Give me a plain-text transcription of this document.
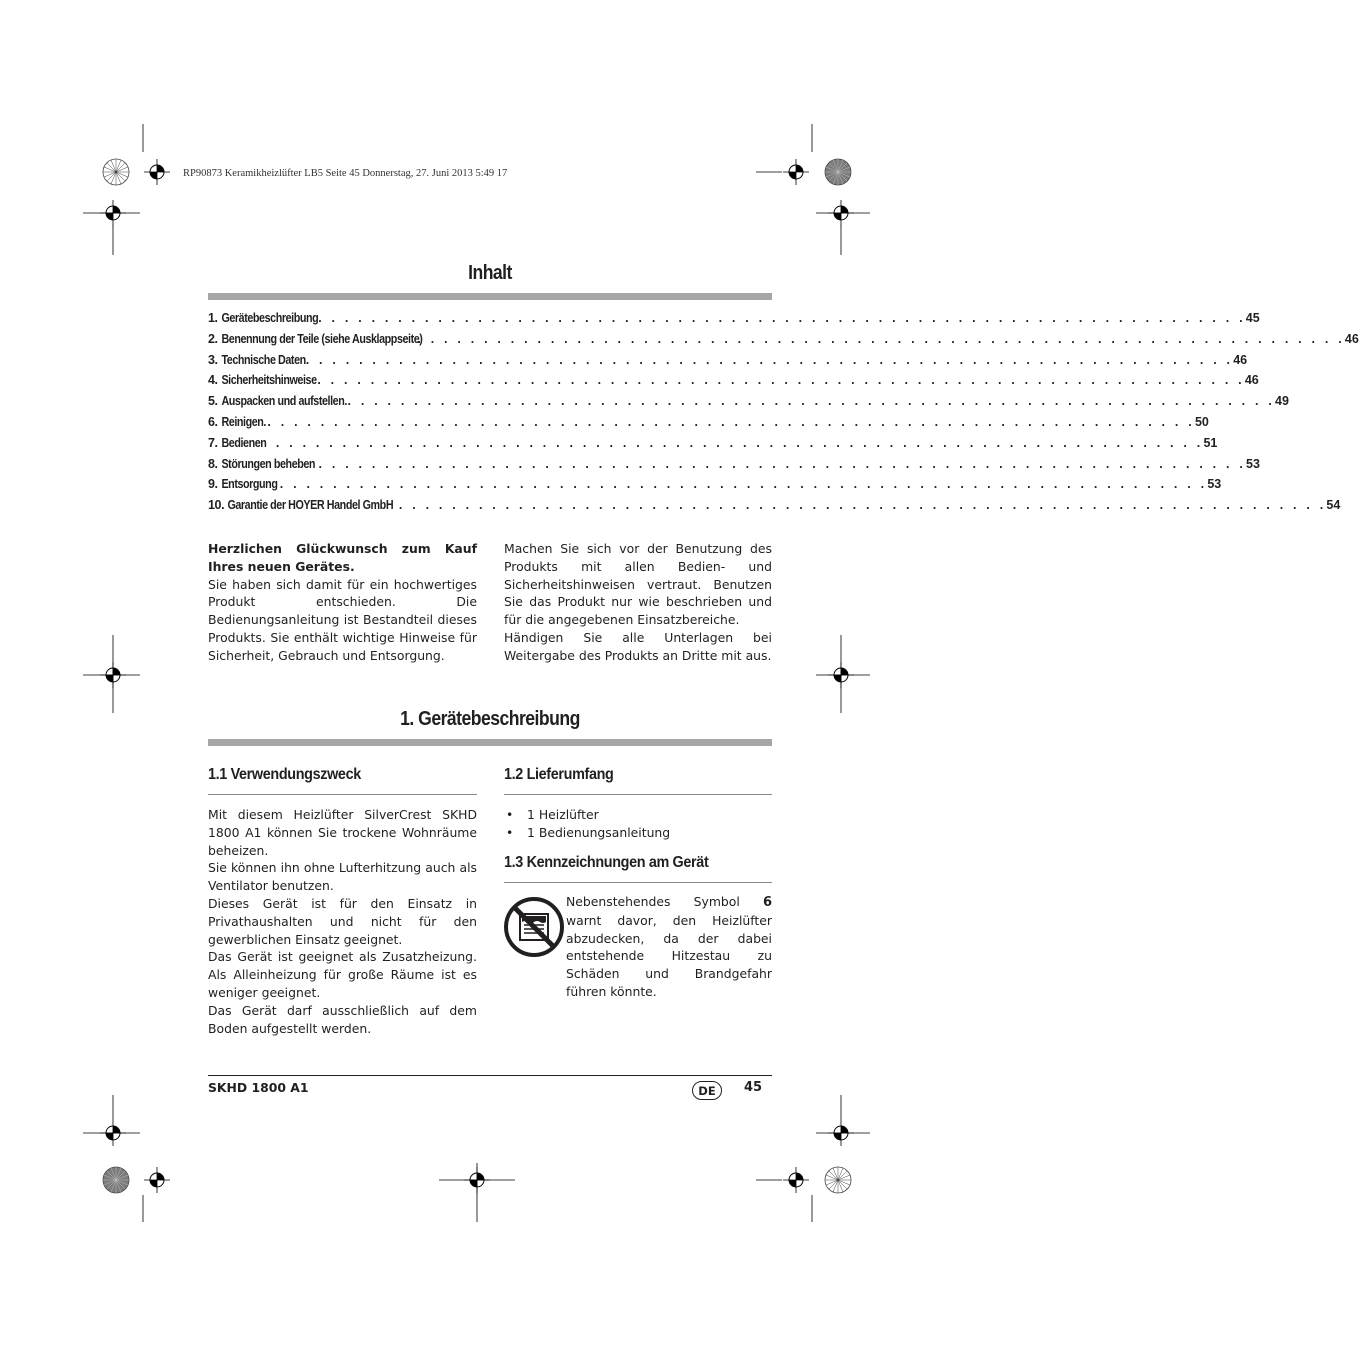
RP90873 Keramikheizlüfter LB5 Seite 45 Donnerstag, 27. Juni 2013 5:49 17
Inhalt
1. Gerätebeschreibung . . . . . . . . . . . . . . . . . . . . . . . . . . . . . . . . . . . . . . . . . . . . . . . . . . . . . . . . . . . . . . . . . . . . . . 45
2. Benennung der Teile (siehe Ausklappseite)
. . . . . . . . . . . . . . . . . . . . . . . . . . . . . . . . . . . . . . . . . . . . . . . . . . . . . . . . . . . . . . . . . . . . . . 46
3. Technische Daten . . . . . . . . . . . . . . . . . . . . . . . . . . . . . . . . . . . . . . . . . . . . . . . . . . . . . . . . . . . . . . . . . . . . . . 46
4. Sicherheitshinweise . . . . . . . . . . . . . . . . . . . . . . . . . . . . . . . . . . . . . . . . . . . . . . . . . . . . . . . . . . . . . . . . . . . . . . 46
5. Auspacken und aufstellen. . . . . . . . . . . . . . . . . . . . . . . . . . . . . . . . . . . . . . . . . . . . . . . . . . . . . . . . . . . . . . . . . . . . . . . 49
6. Reinigen. . . . . . . . . . . . . . . . . . . . . . . . . . . . . . . . . . . . . . . . . . . . . . . . . . . . . . . . . . . . . . . . . . . . . . . 50
7. Bedienen . . . . . . . . . . . . . . . . . . . . . . . . . . . . . . . . . . . . . . . . . . . . . . . . . . . . . . . . . . . . . . . . . . . . . . 51
8. Störungen beheben . . . . . . . . . . . . . . . . . . . . . . . . . . . . . . . . . . . . . . . . . . . . . . . . . . . . . . . . . . . . . . . . . . . . . . 53
9. Entsorgung . . . . . . . . . . . . . . . . . . . . . . . . . . . . . . . . . . . . . . . . . . . . . . . . . . . . . . . . . . . . . . . . . . . . . . 53
10. Garantie der HOYER Handel GmbH . . . . . . . . . . . . . . . . . . . . . . . . . . . . . . . . . . . . . . . . . . . . . . . . . . . . . . . . . . . . . . . . . . . . . . 54

Herzlichen Glückwunsch zum Kauf Ihres neuen Gerätes.

Sie haben sich damit für ein hochwertiges Produkt entschieden. Die Bedienungsanleitung ist Bestandteil dieses Produkts. Sie enthält wichtige Hinweise für Sicherheit, Gebrauch und Entsorgung.

Machen Sie sich vor der Benutzung des Produkts mit allen Bedien- und Sicherheitshinweisen vertraut. Benutzen Sie das Produkt nur wie beschrieben und für die angegebenen Einsatzbereiche.

Händigen Sie alle Unterlagen bei Weitergabe des Produkts an Dritte mit aus.

1. Gerätebeschreibung
1.1 Verwendungszweck

Mit diesem Heizlüfter SilverCrest SKHD 1800 A1 können Sie trockene Wohnräume beheizen.

Sie können ihn ohne Lufterhitzung auch als Ventilator benutzen.

Dieses Gerät ist für den Einsatz in Privathaushalten und nicht für den gewerblichen Einsatz geeignet.

Das Gerät ist geeignet als Zusatzheizung. Als Alleinheizung für große Räume ist es weniger geeignet.

Das Gerät darf ausschließlich auf dem Boden aufgestellt werden.

1.2 Lieferumfang
• 1 Heizlüfter
• 1 Bedienungsanleitung
1.3 Kennzeichnungen am Gerät

Nebenstehendes Symbol 6 warnt davor, den Heizlüfter abzudecken, da der dabei entstehende Hitzestau zu Schäden und Brandgefahr führen könnte.

SKHD 1800 A1	DE	45
